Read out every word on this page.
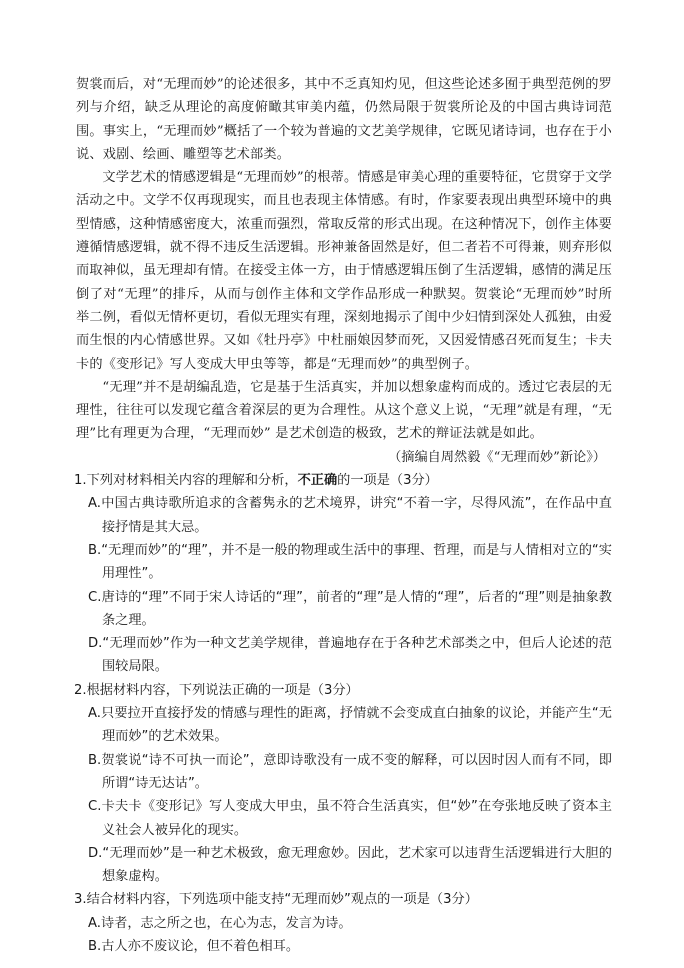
贺裳而后，对“无理而妙”的论述很多，其中不乏真知灼见，但这些论述多囿于典型范例的罗列与介绍，缺乏从理论的高度俯瞰其审美内蕴，仍然局限于贺裳所论及的中国古典诗词范围。事实上，“无理而妙”概括了一个较为普遍的文艺美学规律，它既见诸诗词，也存在于小说、戏剧、绘画、雕塑等艺术部类。

文学艺术的情感逻辑是“无理而妙”的根蒂。情感是审美心理的重要特征，它贯穿于文学活动之中。文学不仅再现现实，而且也表现主体情感。有时，作家要表现出典型环境中的典型情感，这种情感密度大，浓重而强烈，常取反常的形式出现。在这种情况下，创作主体要遵循情感逻辑，就不得不违反生活逻辑。形神兼备固然是好，但二者若不可得兼，则弃形似而取神似，虽无理却有情。在接受主体一方，由于情感逻辑压倒了生活逻辑，感情的满足压倒了对“无理”的排斥，从而与创作主体和文学作品形成一种默契。贺裳论“无理而妙”时所举二例，看似无情杯更切，看似无理实有理，深刻地揭示了闺中少妇情到深处人孤独，由爱而生恨的内心情感世界。又如《牡丹亭》中杜丽娘因梦而死，又因爱情感召死而复生；卡夫卡的《变形记》写人变成大甲虫等等，都是“无理而妙”的典型例子。

“无理”并不是胡编乱造，它是基于生活真实，并加以想象虚构而成的。透过它表层的无理性，往往可以发现它蕴含着深层的更为合理性。从这个意义上说，“无理”就是有理，“无理”比有理更为合理，“无理而妙” 是艺术创造的极致，艺术的辩证法就是如此。

（摘编自周然毅《“无理而妙”新论》）

1.下列对材料相关内容的理解和分析，不正确的一项是（3分）

A.中国古典诗歌所追求的含蓄隽永的艺术境界，讲究“不着一字，尽得风流”，在作品中直接抒情是其大忌。

B.“无理而妙”的“理”，并不是一般的物理或生活中的事理、哲理，而是与人情相对立的“实用理性”。

C.唐诗的“理”不同于宋人诗话的“理”，前者的“理”是人情的“理”，后者的“理”则是抽象教条之理。

D.“无理而妙”作为一种文艺美学规律，普遍地存在于各种艺术部类之中，但后人论述的范围较局限。

2.根据材料内容，下列说法正确的一项是（3分）

A.只要拉开直接抒发的情感与理性的距离，抒情就不会变成直白抽象的议论，并能产生“无理而妙”的艺术效果。

B.贺裳说“诗不可执一而论”，意即诗歌没有一成不变的解释，可以因时因人而有不同，即所谓“诗无达诂”。

C.卡夫卡《变形记》写人变成大甲虫，虽不符合生活真实，但“妙”在夸张地反映了资本主义社会人被异化的现实。

D.“无理而妙”是一种艺术极致，愈无理愈妙。因此，艺术家可以违背生活逻辑进行大胆的想象虚构。

3.结合材料内容，下列选项中能支持“无理而妙”观点的一项是（3分）

A.诗者，志之所之也，在心为志，发言为诗。

B.古人亦不废议论，但不着色相耳。
